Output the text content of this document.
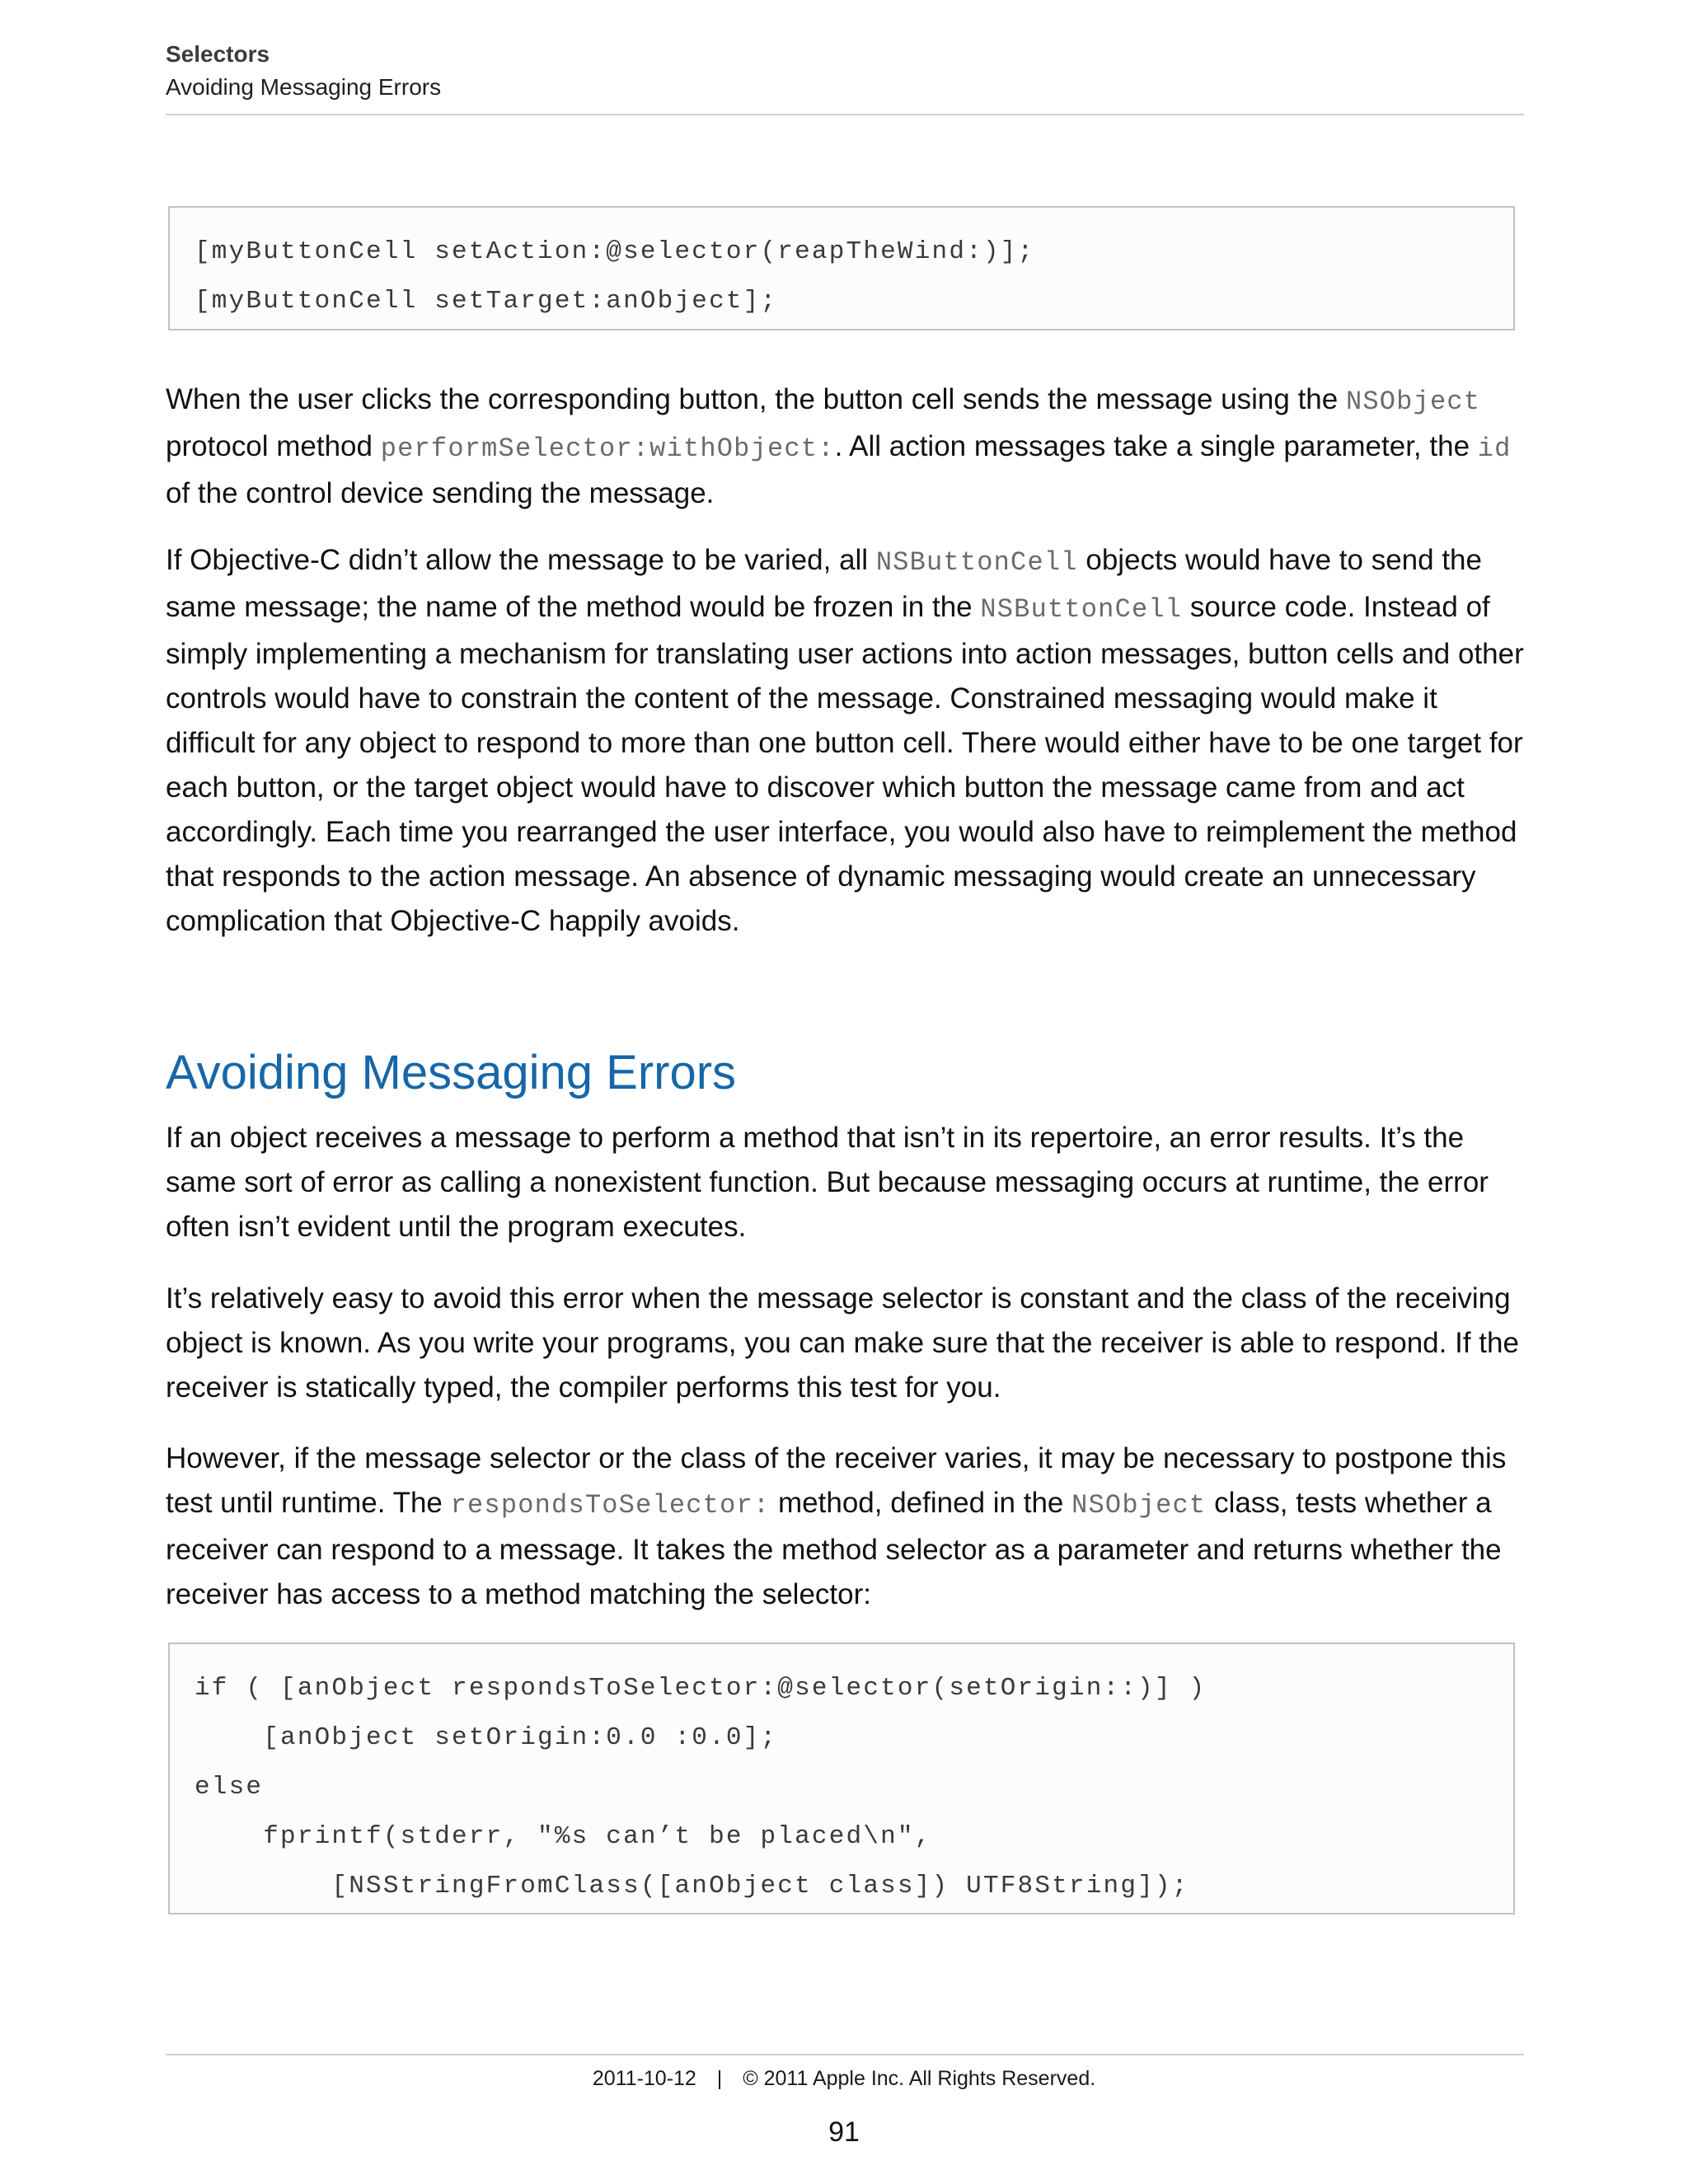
Selectors
Avoiding Messaging Errors
[myButtonCell setAction:@selector(reapTheWind:)];
[myButtonCell setTarget:anObject];

When the user clicks the corresponding button, the button cell sends the message using the NSObject protocol method performSelector:withObject:. All action messages take a single parameter, the id of the control device sending the message.

If Objective-C didn’t allow the message to be varied, all NSButtonCell objects would have to send the same message; the name of the method would be frozen in the NSButtonCell source code. Instead of simply implementing a mechanism for translating user actions into action messages, button cells and other controls would have to constrain the content of the message. Constrained messaging would make it difficult for any object to respond to more than one button cell. There would either have to be one target for each button, or the target object would have to discover which button the message came from and act accordingly. Each time you rearranged the user interface, you would also have to reimplement the method that responds to the action message. An absence of dynamic messaging would create an unnecessary complication that Objective-C happily avoids.

Avoiding Messaging Errors

If an object receives a message to perform a method that isn’t in its repertoire, an error results. It’s the same sort of error as calling a nonexistent function. But because messaging occurs at runtime, the error often isn’t evident until the program executes.

It’s relatively easy to avoid this error when the message selector is constant and the class of the receiving object is known. As you write your programs, you can make sure that the receiver is able to respond. If the receiver is statically typed, the compiler performs this test for you.

However, if the message selector or the class of the receiver varies, it may be necessary to postpone this test until runtime. The respondsToSelector: method, defined in the NSObject class, tests whether a receiver can respond to a message. It takes the method selector as a parameter and returns whether the receiver has access to a method matching the selector:

if ( [anObject respondsToSelector:@selector(setOrigin::)] )
[anObject setOrigin:0.0 :0.0];
else
fprintf(stderr, "%s can’t be placed\n",
[NSStringFromClass([anObject class]) UTF8String]);
2011-10-12 | © 2011 Apple Inc. All Rights Reserved.
91
